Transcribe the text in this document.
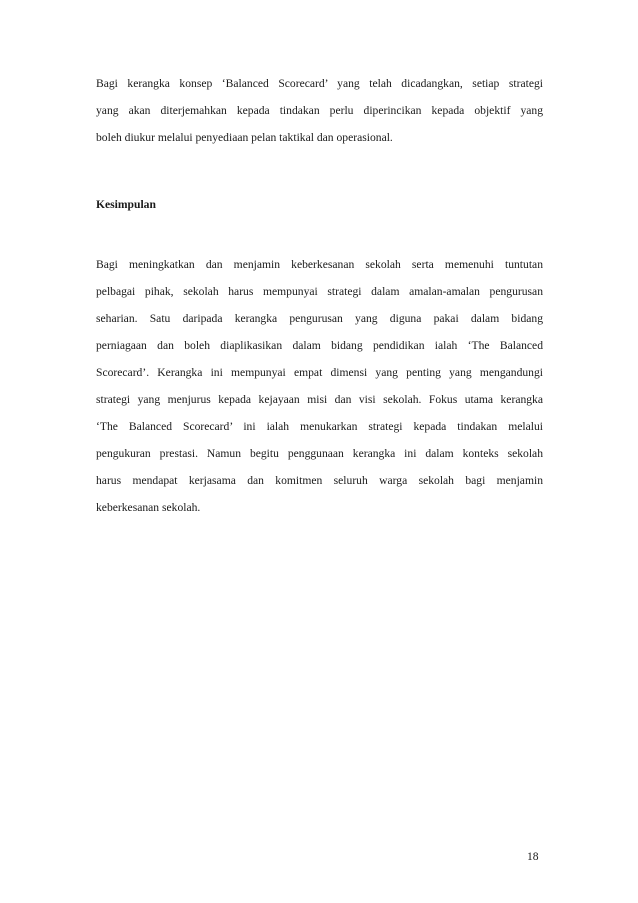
Bagi kerangka konsep ‘Balanced Scorecard’ yang telah dicadangkan, setiap strategi
yang akan diterjemahkan kepada tindakan perlu diperincikan kepada objektif yang
boleh diukur melalui penyediaan pelan taktikal dan operasional.
Kesimpulan
Bagi meningkatkan dan menjamin keberkesanan sekolah serta memenuhi tuntutan
pelbagai pihak, sekolah harus mempunyai strategi dalam amalan-amalan pengurusan
seharian. Satu daripada kerangka pengurusan yang diguna pakai dalam bidang
perniagaan dan boleh diaplikasikan dalam bidang pendidikan ialah ‘The Balanced
Scorecard’. Kerangka ini mempunyai empat dimensi yang penting yang mengandungi
strategi yang menjurus kepada kejayaan misi dan visi sekolah. Fokus utama kerangka
‘The Balanced Scorecard’ ini ialah menukarkan strategi kepada tindakan melalui
pengukuran prestasi. Namun begitu penggunaan kerangka ini dalam konteks sekolah
harus mendapat kerjasama dan komitmen seluruh warga sekolah bagi menjamin
keberkesanan sekolah.
18
